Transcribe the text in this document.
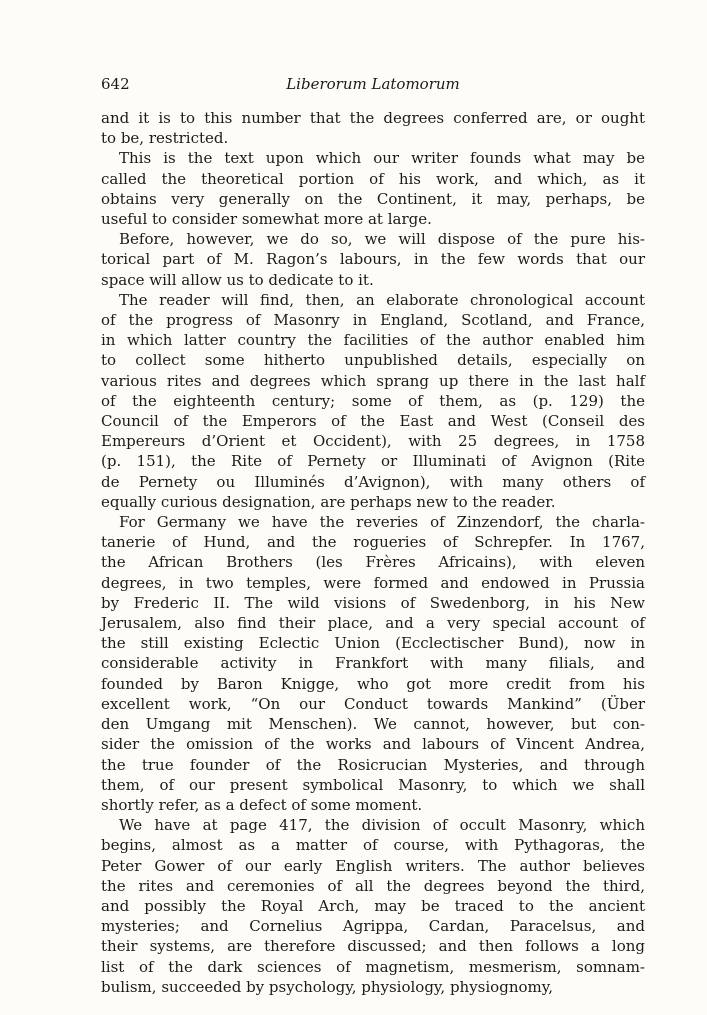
642	Liberorum Latomorum

and it is to this number that the degrees conferred are, or ought
to be, restricted.

This is the text upon which our writer founds what may be
called the theoretical portion of his work, and which, as it
obtains very generally on the Continent, it may, perhaps, be
useful to consider somewhat more at large.

Before, however, we do so, we will dispose of the pure his-
torical part of M. Ragon’s labours, in the few words that our
space will allow us to dedicate to it.

The reader will find, then, an elaborate chronological account
of the progress of Masonry in England, Scotland, and France,
in which latter country the facilities of the author enabled him
to collect some hitherto unpublished details, especially on
various rites and degrees which sprang up there in the last half
of the eighteenth century; some of them, as (p. 129) the
Council of the Emperors of the East and West (Conseil des
Empereurs d’Orient et Occident), with 25 degrees, in 1758
(p. 151), the Rite of Pernety or Illuminati of Avignon (Rite
de Pernety ou Illuminés d’Avignon), with many others of
equally curious designation, are perhaps new to the reader.

For Germany we have the reveries of Zinzendorf, the charla-
tanerie of Hund, and the rogueries of Schrepfer. In 1767,
the African Brothers (les Frères Africains), with eleven
degrees, in two temples, were formed and endowed in Prussia
by Frederic II. The wild visions of Swedenborg, in his New
Jerusalem, also find their place, and a very special account of
the still existing Eclectic Union (Ecclectischer Bund), now in
considerable activity in Frankfort with many filials, and
founded by Baron Knigge, who got more credit from his
excellent work, “On our Conduct towards Mankind” (Über
den Umgang mit Menschen). We cannot, however, but con-
sider the omission of the works and labours of Vincent Andrea,
the true founder of the Rosicrucian Mysteries, and through
them, of our present symbolical Masonry, to which we shall
shortly refer, as a defect of some moment.

We have at page 417, the division of occult Masonry, which
begins, almost as a matter of course, with Pythagoras, the
Peter Gower of our early English writers. The author believes
the rites and ceremonies of all the degrees beyond the third,
and possibly the Royal Arch, may be traced to the ancient
mysteries; and Cornelius Agrippa, Cardan, Paracelsus, and
their systems, are therefore discussed; and then follows a long
list of the dark sciences of magnetism, mesmerism, somnam-
bulism, succeeded by psychology, physiology, physiognomy,
